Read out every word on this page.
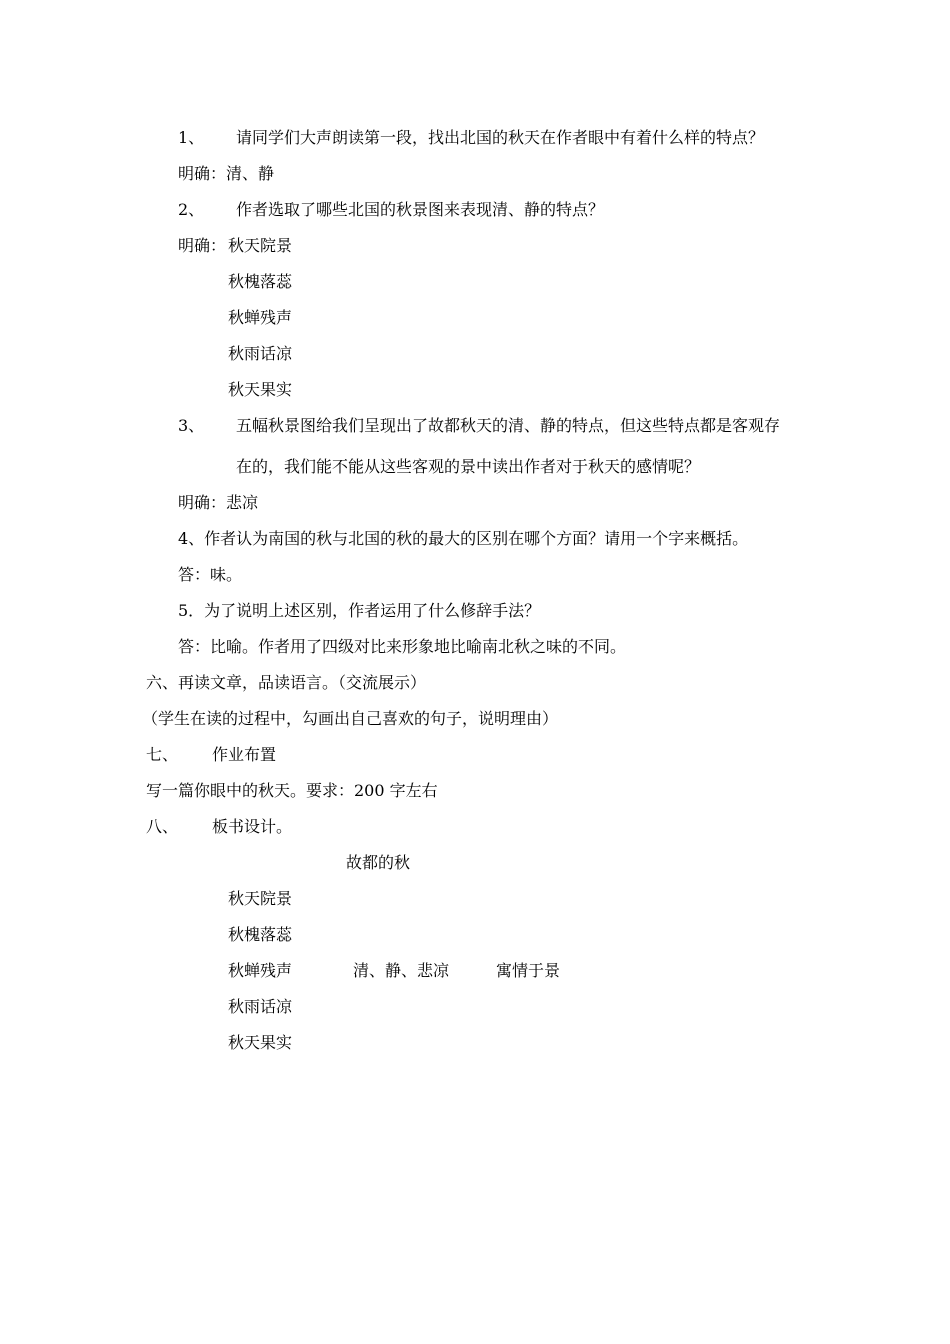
1、 请同学们大声朗读第一段，找出北国的秋天在作者眼中有着什么样的特点？
明确：清、静
2、 作者选取了哪些北国的秋景图来表现清、静的特点？
明确： 秋天院景
秋槐落蕊
秋蝉残声
秋雨话凉
秋天果实
3、 五幅秋景图给我们呈现出了故都秋天的清、静的特点，但这些特点都是客观存
在的，我们能不能从这些客观的景中读出作者对于秋天的感情呢？
明确：悲凉
4、作者认为南国的秋与北国的秋的最大的区别在哪个方面？请用一个字来概括。
答：味。
5．为了说明上述区别，作者运用了什么修辞手法？
答：比喻。作者用了四级对比来形象地比喻南北秋之味的不同。
六、再读文章，品读语言。（交流展示）
（学生在读的过程中，勾画出自己喜欢的句子，说明理由）
七、 作业布置
写一篇你眼中的秋天。要求：200 字左右
八、 板书设计。
故都的秋
秋天院景
秋槐落蕊
秋蝉残声	清、静、悲凉	寓情于景
秋雨话凉
秋天果实
